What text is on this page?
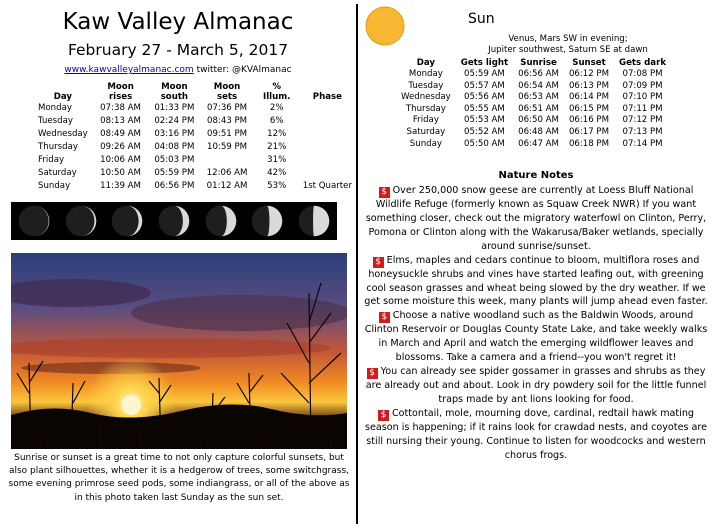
Kaw Valley Almanac
February 27 - March 5, 2017
www.kawvalleyalmanac.com twitter: @KVAlmanac
Day	Moon rises	Moon south	Moon sets	% Illum.	Phase
Monday	07:38 AM	01:33 PM	07:36 PM	2%	
Tuesday	08:13 AM	02:24 PM	08:43 PM	6%	
Wednesday	08:49 AM	03:16 PM	09:51 PM	12%	
Thursday	09:26 AM	04:08 PM	10:59 PM	21%	
Friday	10:06 AM	05:03 PM		31%	
Saturday	10:50 AM	05:59 PM	12:06 AM	42%	
Sunday	11:39 AM	06:56 PM	01:12 AM	53%	1st Quarter
Sunrise or sunset is a great time to not only capture colorful sunsets, but also plant silhouettes, whether it is a hedgerow of trees, some switchgrass, some evening primrose seed pods, some indiangrass, or all of the above as in this photo taken last Sunday as the sun set.
Sun
Venus, Mars SW in evening;
Jupiter southwest, Saturn SE at dawn
Day	Gets light	Sunrise	Sunset	Gets dark
Monday	05:59 AM	06:56 AM	06:12 PM	07:08 PM
Tuesday	05:57 AM	06:54 AM	06:13 PM	07:09 PM
Wednesday	05:56 AM	06:53 AM	06:14 PM	07:10 PM
Thursday	05:55 AM	06:51 AM	06:15 PM	07:11 PM
Friday	05:53 AM	06:50 AM	06:16 PM	07:12 PM
Saturday	05:52 AM	06:48 AM	06:17 PM	07:13 PM
Sunday	05:50 AM	06:47 AM	06:18 PM	07:14 PM
Nature Notes

$ Over 250,000 snow geese are currently at Loess Bluff National Wildlife Refuge (formerly known as Squaw Creek NWR) If you want something closer, check out the migratory waterfowl on Clinton, Perry, Pomona or Clinton along with the Wakarusa/Baker wetlands, specially around sunrise/sunset.

$ Elms, maples and cedars continue to bloom, multiflora roses and honeysuckle shrubs and vines have started leafing out, with greening cool season grasses and wheat being slowed by the dry weather. If we get some moisture this week, many plants will jump ahead even faster.

$ Choose a native woodland such as the Baldwin Woods, around Clinton Reservoir or Douglas County State Lake, and take weekly walks in March and April and watch the emerging wildflower leaves and blossoms. Take a camera and a friend--you won't regret it!

$ You can already see spider gossamer in grasses and shrubs as they are already out and about. Look in dry powdery soil for the little funnel traps made by ant lions looking for food.

$ Cottontail, mole, mourning dove, cardinal, redtail hawk mating season is happening; if it rains look for crawdad nests, and coyotes are still nursing their young. Continue to listen for woodcocks and western chorus frogs.
